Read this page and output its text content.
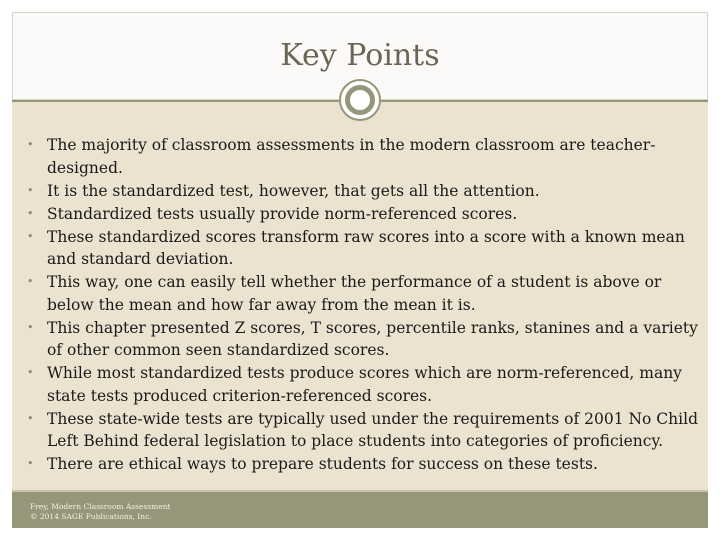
Key Points
• The majority of classroom assessments in the modern classroom are teacher-designed.
• It is the standardized test, however, that gets all the attention.
• Standardized tests usually provide norm-referenced scores.
• These standardized scores transform raw scores into a score with a known mean and standard deviation.
• This way, one can easily tell whether the performance of a student is above or below the mean and how far away from the mean it is.
• This chapter presented Z scores, T scores, percentile ranks, stanines and a variety of other common seen standardized scores.
• While most standardized tests produce scores which are norm-referenced, many state tests produced criterion-referenced scores.
• These state-wide tests are typically used under the requirements of 2001 No Child Left Behind federal legislation to place students into categories of proficiency.
• There are ethical ways to prepare students for success on these tests.
Frey, Modern Classroom Assessment
© 2014 SAGE Publications, Inc.
